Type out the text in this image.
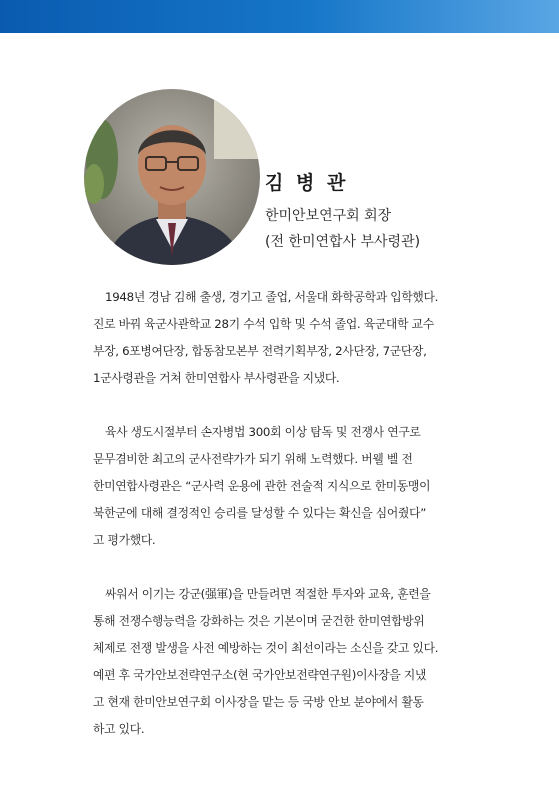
김 병 관
한미안보연구회 회장
(전 한미연합사 부사령관)

1948년 경남 김해 출생, 경기고 졸업, 서울대 화학공학과 입학했다.
진로 바꿔 육군사관학교 28기 수석 입학 및 수석 졸업. 육군대학 교수
부장, 6포병여단장, 합동참모본부 전력기획부장, 2사단장, 7군단장,
1군사령관을 거쳐 한미연합사 부사령관을 지냈다.

육사 생도시절부터 손자병법 300회 이상 탐독 및 전쟁사 연구로
문무겸비한 최고의 군사전략가가 되기 위해 노력했다. 버웰 벨 전
한미연합사령관은 “군사력 운용에 관한 전술적 지식으로 한미동맹이
북한군에 대해 결정적인 승리를 달성할 수 있다는 확신을 심어줬다”
고 평가했다.

싸워서 이기는 강군(强軍)을 만들려면 적절한 투자와 교육, 훈련을
통해 전쟁수행능력을 강화하는 것은 기본이며 굳건한 한미연합방위
체제로 전쟁 발생을 사전 예방하는 것이 최선이라는 소신을 갖고 있다.
예편 후 국가안보전략연구소(현 국가안보전략연구원)이사장을 지냈
고 현재 한미안보연구회 이사장을 맡는 등 국방 안보 분야에서 활동
하고 있다.
